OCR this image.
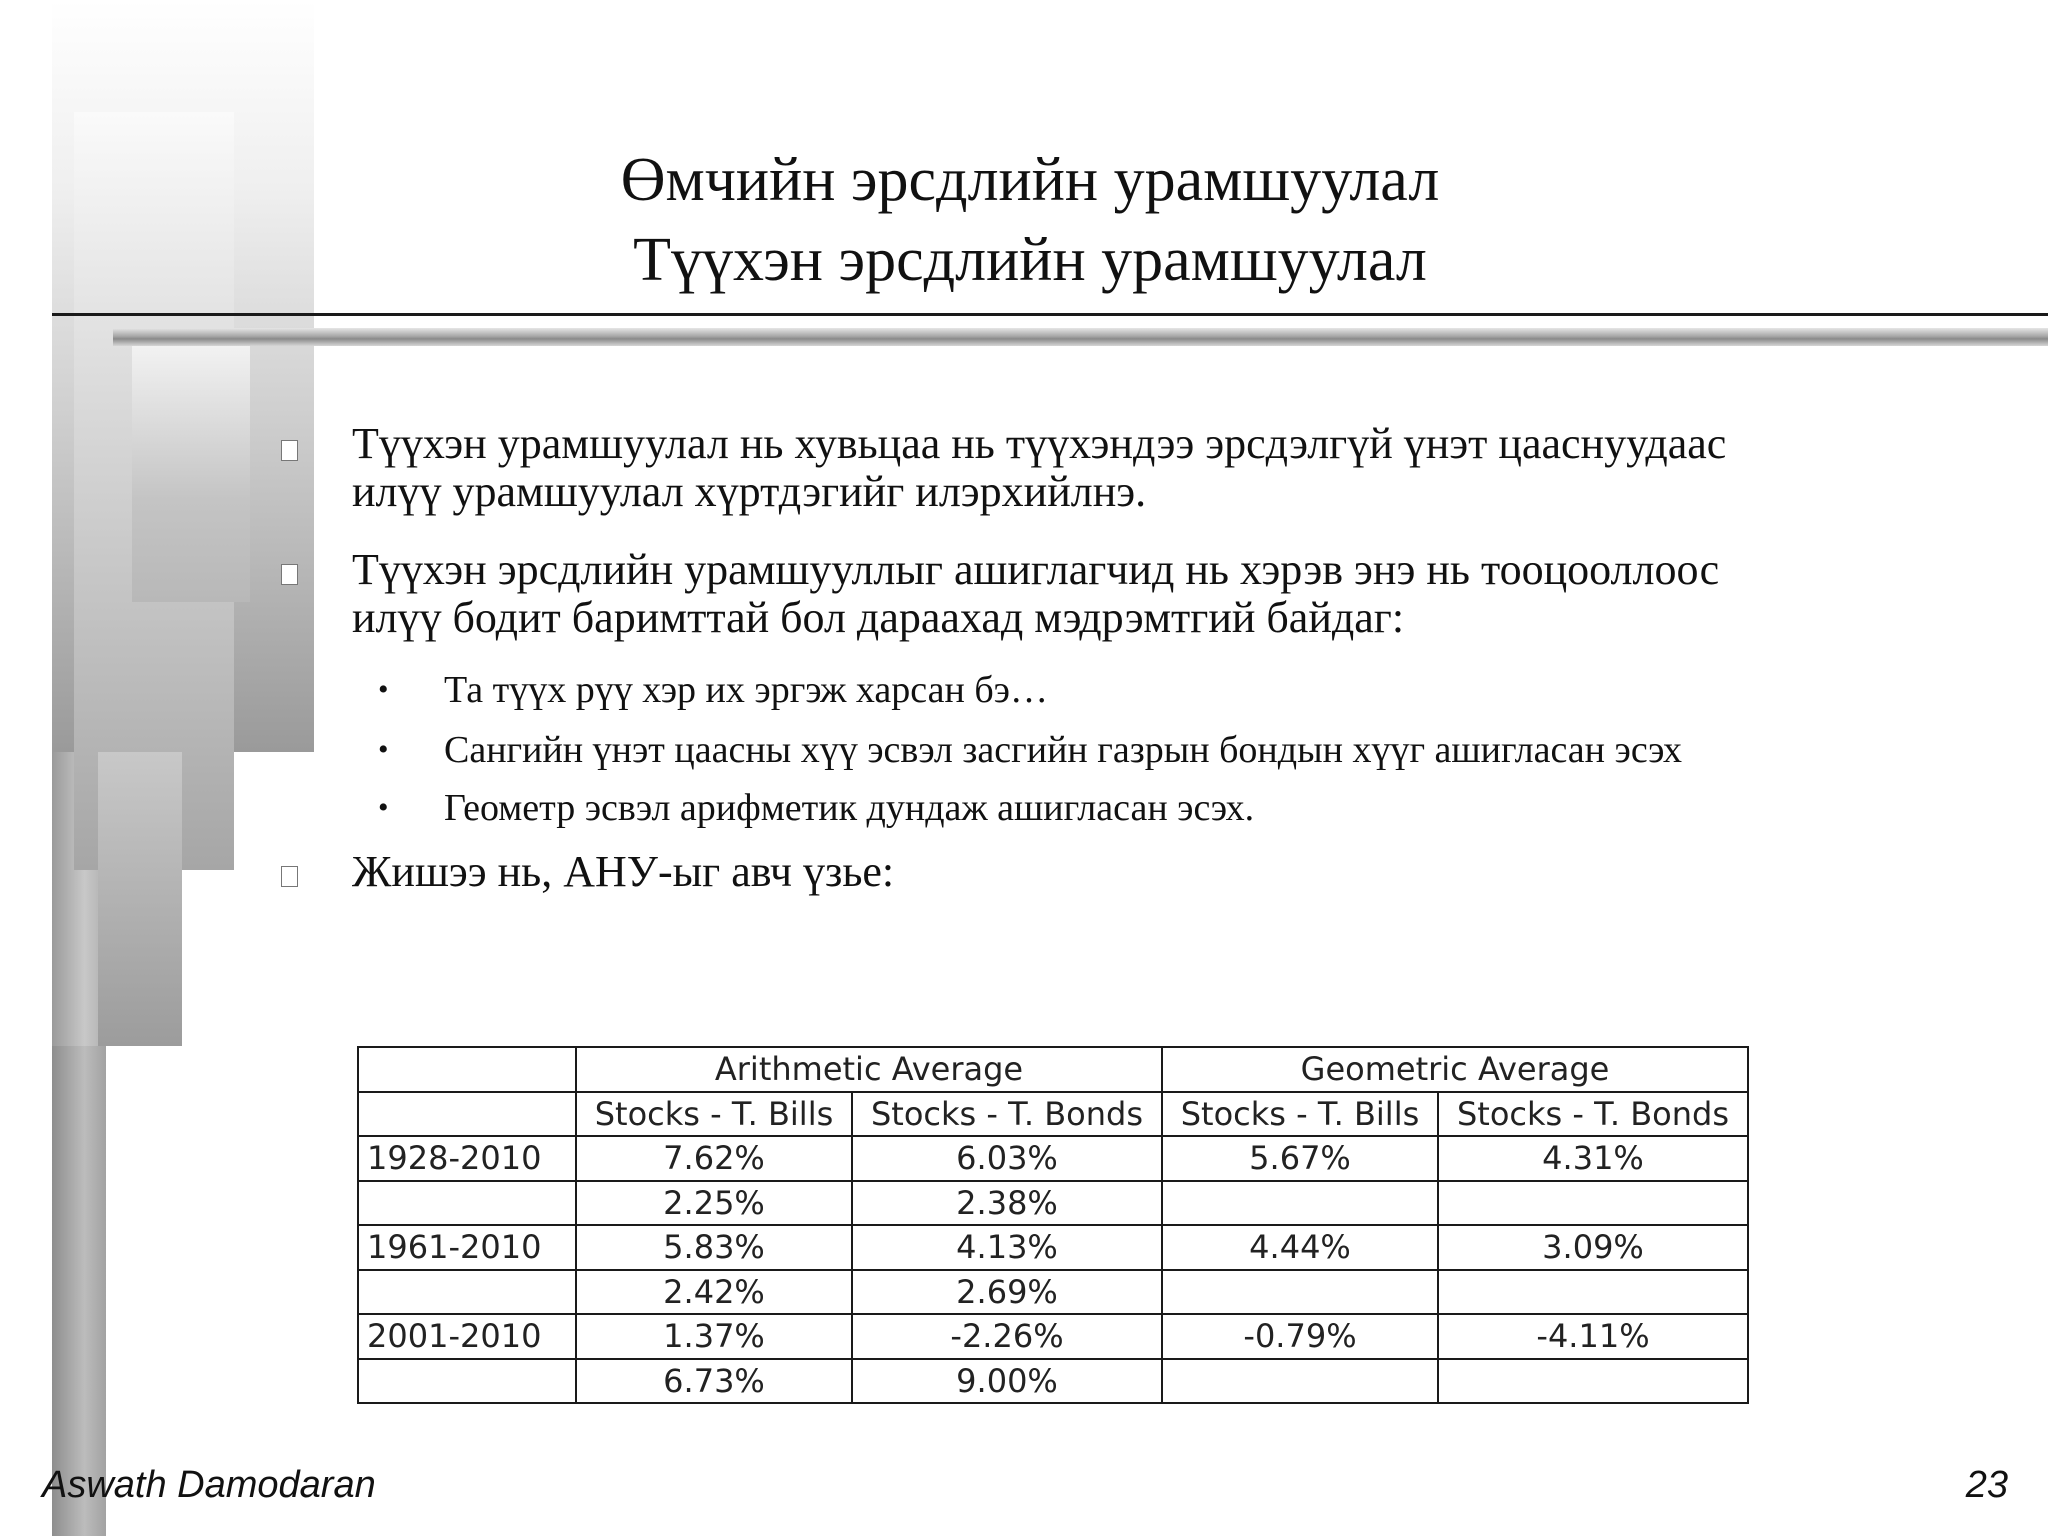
Өмчийн эрсдлийн урамшуулал
Түүхэн эрсдлийн урамшуулал
Түүхэн урамшуулал нь хувьцаа нь түүхэндээ эрсдэлгүй үнэт цааснуудаас
илүү урамшуулал хүртдэгийг илэрхийлнэ.
Түүхэн эрсдлийн урамшууллыг ашиглагчид нь хэрэв энэ нь тооцооллоос
илүү бодит баримттай бол дараахад мэдрэмтгий байдаг:
• Та түүх рүү хэр их эргэж харсан бэ…
• Сангийн үнэт цаасны хүү эсвэл засгийн газрын бондын хүүг ашигласан эсэх
• Геометр эсвэл арифметик дундаж ашигласан эсэх.
Жишээ нь, АНУ-ыг авч үзье:
	Arithmetic Average		Geometric Average	
	Stocks - T. Bills	Stocks - T. Bonds	Stocks - T. Bills	Stocks - T. Bonds
1928-2010	7.62%	6.03%	5.67%	4.31%
	2.25%	2.38%		
1961-2010	5.83%	4.13%	4.44%	3.09%
	2.42%	2.69%		
2001-2010	1.37%	-2.26%	-0.79%	-4.11%
	6.73%	9.00%		
Aswath Damodaran	23
